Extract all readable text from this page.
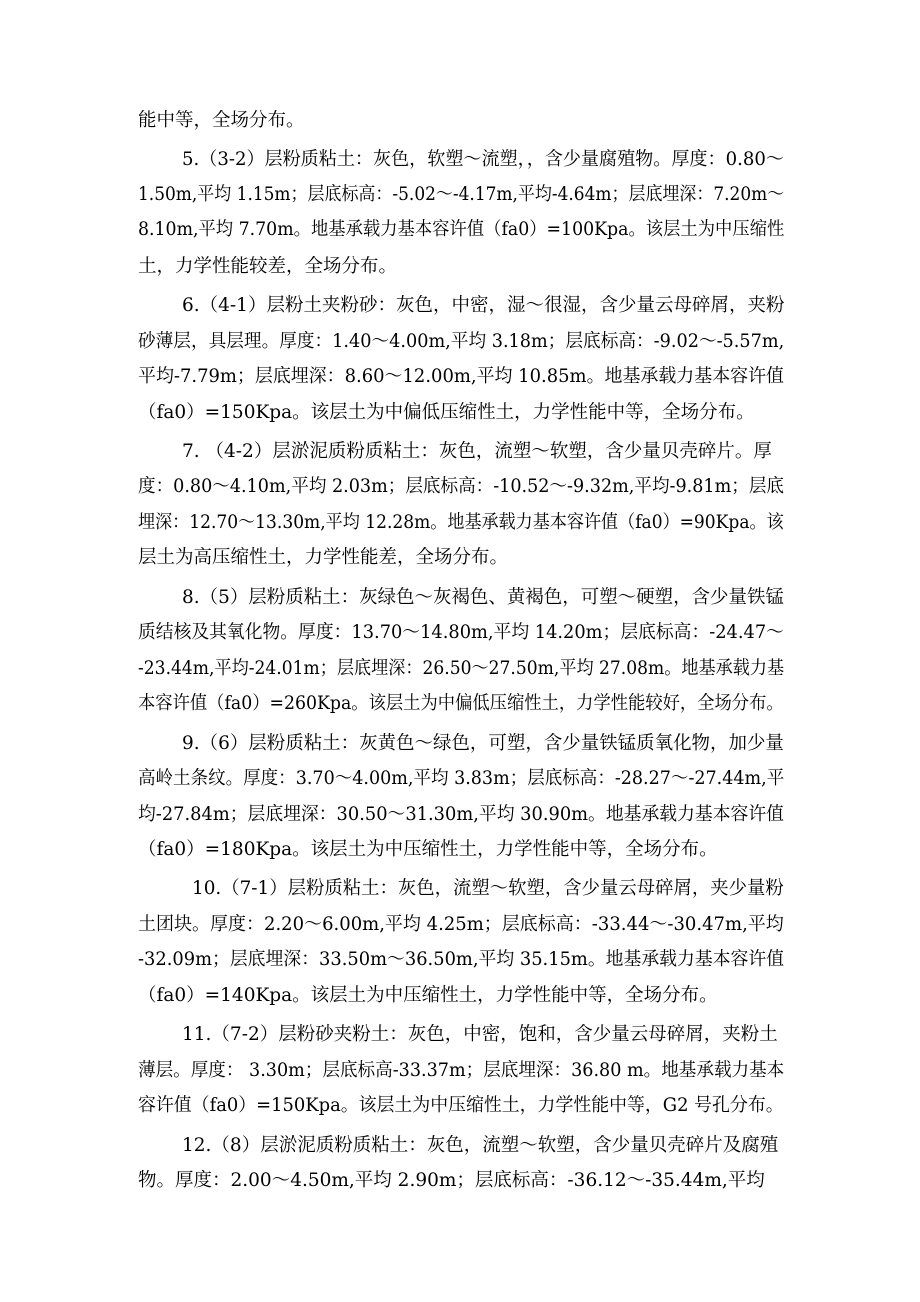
能中等，全场分布。
5.（3-2）层粉质粘土：灰色，软塑～流塑，，含少量腐殖物。厚度：0.80～
1.50m,平均 1.15m；层底标高：-5.02～-4.17m,平均-4.64m；层底埋深：7.20m～
8.10m,平均 7.70m。地基承载力基本容许值（fa0）=100Kpa。该层土为中压缩性
土，力学性能较差，全场分布。
6.（4-1）层粉土夹粉砂：灰色，中密，湿～很湿，含少量云母碎屑，夹粉
砂薄层，具层理。厚度：1.40～4.00m,平均 3.18m；层底标高：-9.02～-5.57m,
平均-7.79m；层底埋深：8.60～12.00m,平均 10.85m。地基承载力基本容许值
（fa0）=150Kpa。该层土为中偏低压缩性土，力学性能中等，全场分布。
7. （4-2）层淤泥质粉质粘土：灰色，流塑～软塑，含少量贝壳碎片。厚
度：0.80～4.10m,平均 2.03m；层底标高：-10.52～-9.32m,平均-9.81m；层底
埋深：12.70～13.30m,平均 12.28m。地基承载力基本容许值（fa0）=90Kpa。该
层土为高压缩性土，力学性能差，全场分布。
8.（5）层粉质粘土：灰绿色～灰褐色、黄褐色，可塑～硬塑，含少量铁锰
质结核及其氧化物。厚度：13.70～14.80m,平均 14.20m；层底标高：-24.47～
-23.44m,平均-24.01m；层底埋深：26.50～27.50m,平均 27.08m。地基承载力基
本容许值（fa0）=260Kpa。该层土为中偏低压缩性土，力学性能较好，全场分布。
9.（6）层粉质粘土：灰黄色～绿色，可塑，含少量铁锰质氧化物，加少量
高岭土条纹。厚度：3.70～4.00m,平均 3.83m；层底标高：-28.27～-27.44m,平
均-27.84m；层底埋深：30.50～31.30m,平均 30.90m。地基承载力基本容许值
（fa0）=180Kpa。该层土为中压缩性土，力学性能中等，全场分布。
10.（7-1）层粉质粘土：灰色，流塑～软塑，含少量云母碎屑，夹少量粉
土团块。厚度：2.20～6.00m,平均 4.25m；层底标高：-33.44～-30.47m,平均
-32.09m；层底埋深：33.50m～36.50m,平均 35.15m。地基承载力基本容许值
（fa0）=140Kpa。该层土为中压缩性土，力学性能中等，全场分布。
11.（7-2）层粉砂夹粉土：灰色，中密，饱和，含少量云母碎屑，夹粉土
薄层。厚度： 3.30m；层底标高-33.37m；层底埋深：36.80 m。地基承载力基本
容许值（fa0）=150Kpa。该层土为中压缩性土，力学性能中等，G2 号孔分布。
12.（8）层淤泥质粉质粘土：灰色，流塑～软塑，含少量贝壳碎片及腐殖
物。厚度：2.00～4.50m,平均 2.90m；层底标高：-36.12～-35.44m,平均
